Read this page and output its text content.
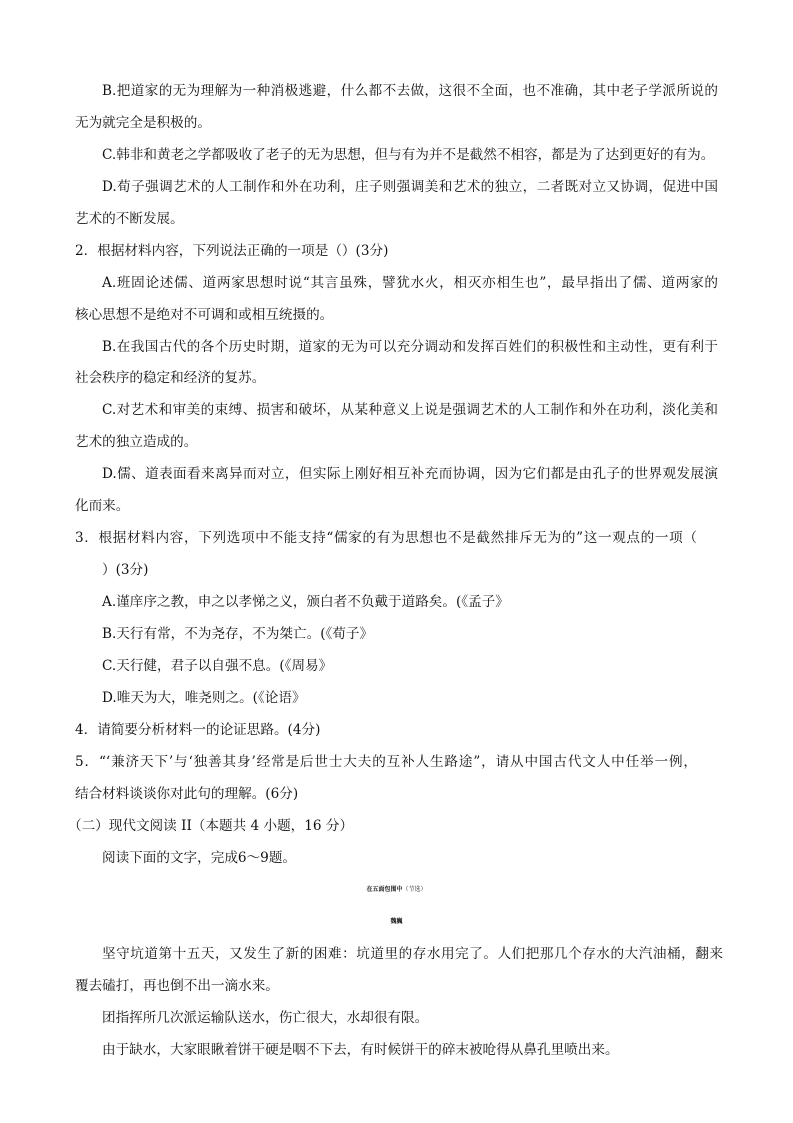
B.把道家的无为理解为一种消极逃避，什么都不去做，这很不全面，也不准确，其中老子学派所说的
无为就完全是积极的。
C.韩非和黄老之学都吸收了老子的无为思想，但与有为并不是截然不相容，都是为了达到更好的有为。
D.荀子强调艺术的人工制作和外在功利，庄子则强调美和艺术的独立，二者既对立又协调，促进中国
艺术的不断发展。
2．根据材料内容，下列说法正确的一项是（）(3分)
A.班固论述儒、道两家思想时说“其言虽殊，譬犹水火，相灭亦相生也”，最早指出了儒、道两家的
核心思想不是绝对不可调和或相互统摄的。
B.在我国古代的各个历史时期，道家的无为可以充分调动和发挥百姓们的积极性和主动性，更有利于
社会秩序的稳定和经济的复苏。
C.对艺术和审美的束缚、损害和破坏，从某种意义上说是强调艺术的人工制作和外在功利，淡化美和
艺术的独立造成的。
D.儒、道表面看来离异而对立，但实际上刚好相互补充而协调，因为它们都是由孔子的世界观发展演
化而来。
3．根据材料内容，下列选项中不能支持“儒家的有为思想也不是截然排斥无为的”这一观点的一项（
）(3分)
A.谨庠序之教，申之以孝悌之义，颁白者不负戴于道路矣。(《孟子》
B.天行有常，不为尧存，不为桀亡。(《荀子》
C.天行健，君子以自强不息。(《周易》
D.唯天为大，唯尧则之。(《论语》
4．请简要分析材料一的论证思路。(4分)
5．“‘兼济天下’与‘独善其身’经常是后世士大夫的互补人生路途”，请从中国古代文人中任举一例，
结合材料谈谈你对此句的理解。(6分)
（二）现代文阅读 II（本题共 4 小题，16 分）
阅读下面的文字，完成6～9题。
在五面包围中（节选）
魏巍
坚守坑道第十五天，又发生了新的困难：坑道里的存水用完了。人们把那几个存水的大汽油桶，翻来
覆去磕打，再也倒不出一滴水来。
团指挥所几次派运输队送水，伤亡很大，水却很有限。
由于缺水，大家眼瞅着饼干硬是咽不下去，有时候饼干的碎末被呛得从鼻孔里喷出来。
